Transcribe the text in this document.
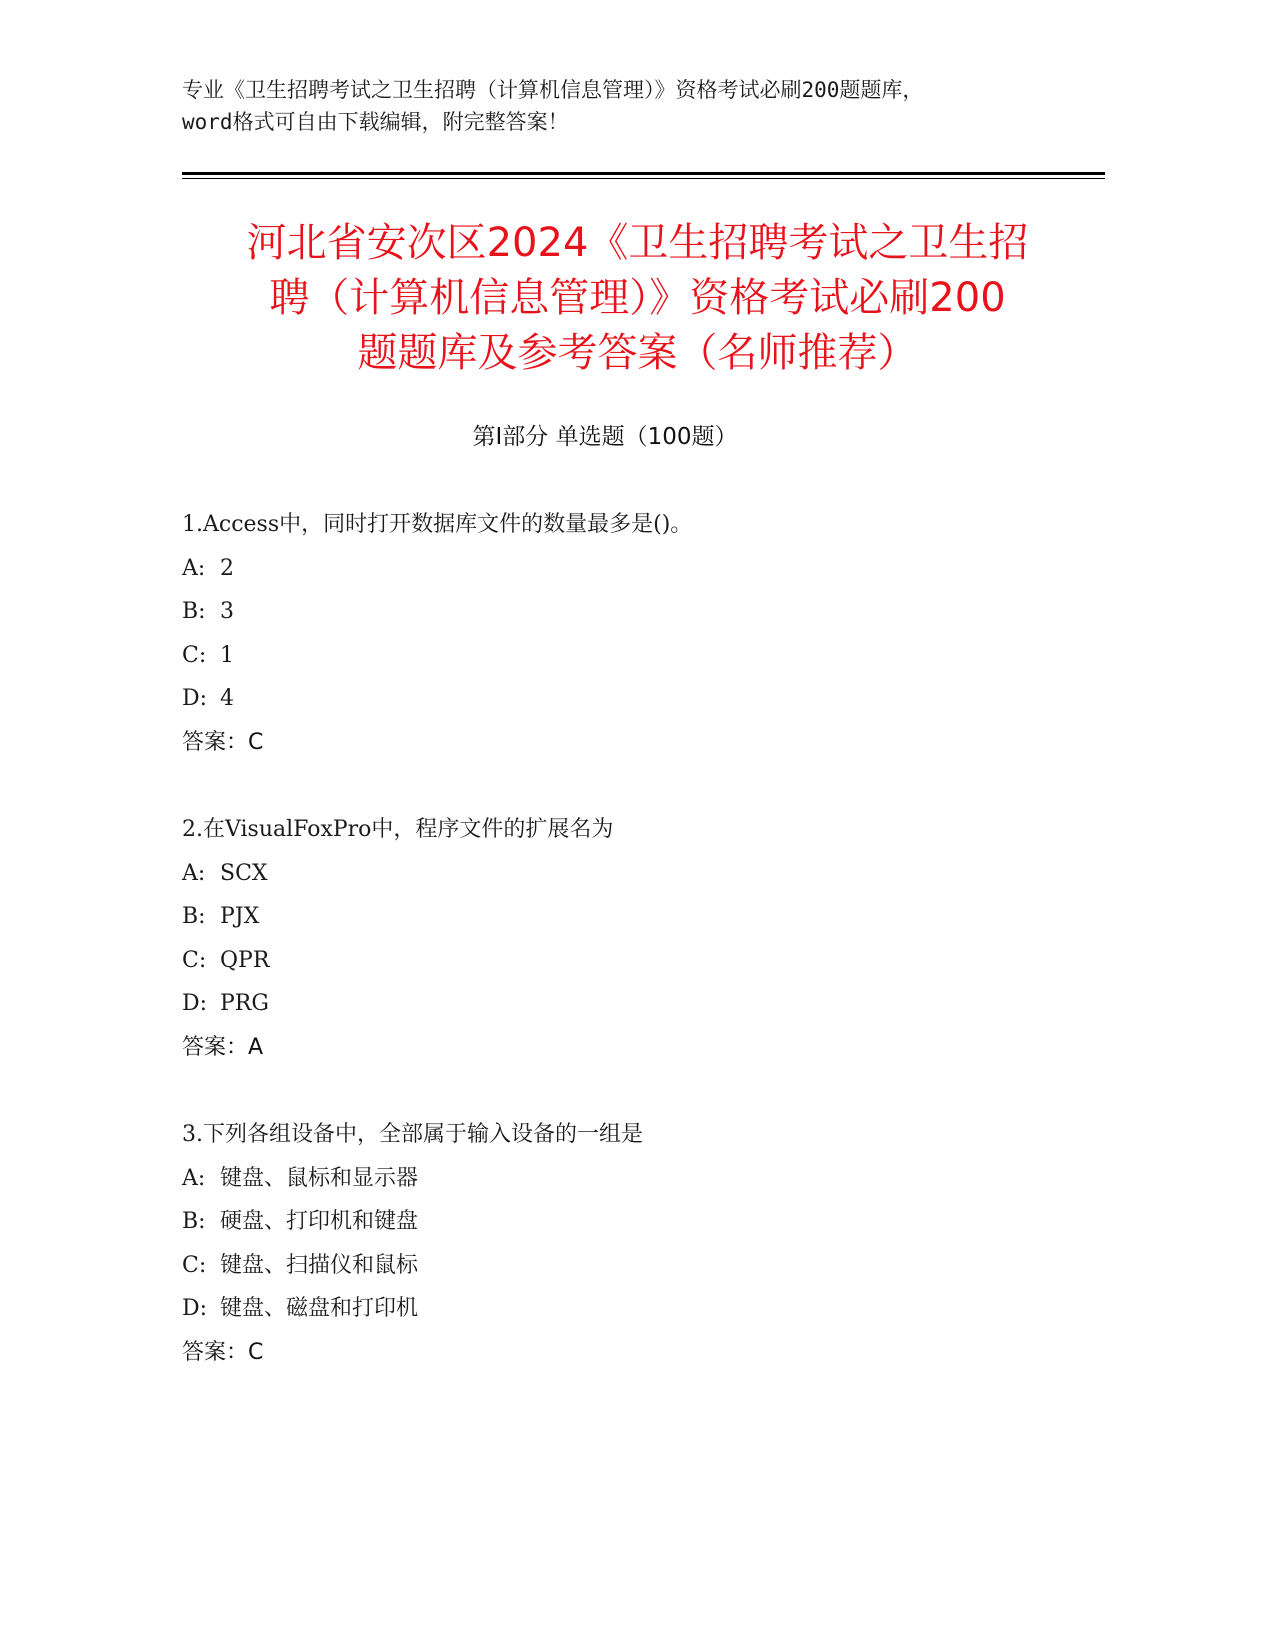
专业《卫生招聘考试之卫生招聘（计算机信息管理）》资格考试必刷200题题库，
word格式可自由下载编辑，附完整答案！
河北省安次区2024《卫生招聘考试之卫生招
聘（计算机信息管理）》资格考试必刷200
题题库及参考答案（名师推荐）
第Ⅰ部分 单选题（100题）
1.Access中，同时打开数据库文件的数量最多是()。
A: 2
B: 3
C: 1
D: 4
答案：C
2.在VisualFoxPro中，程序文件的扩展名为
A: SCX
B: PJX
C: QPR
D: PRG
答案：A
3.下列各组设备中，全部属于输入设备的一组是
A: 键盘、鼠标和显示器
B: 硬盘、打印机和键盘
C: 键盘、扫描仪和鼠标
D: 键盘、磁盘和打印机
答案：C
